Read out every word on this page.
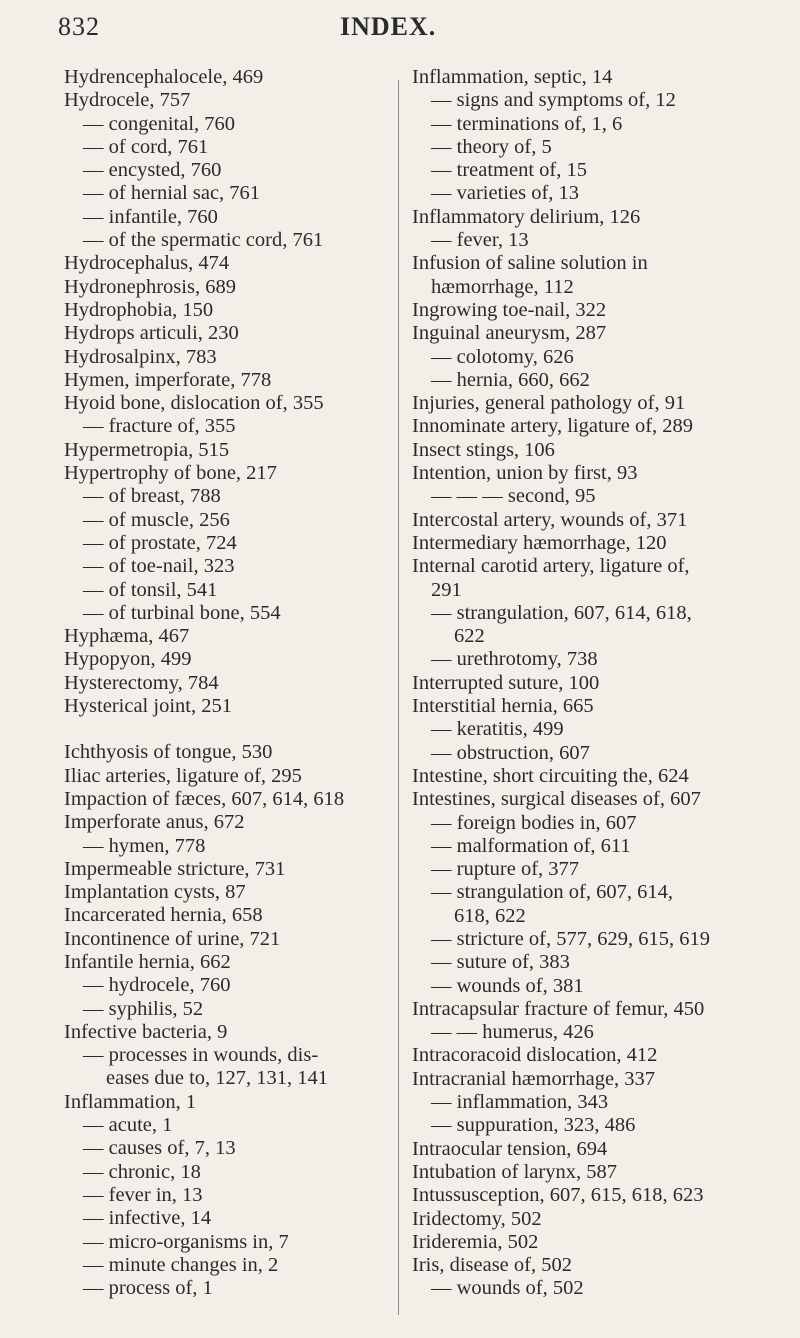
832	INDEX.
Hydrencephalocele, 469
Hydrocele, 757
— congenital, 760
— of cord, 761
— encysted, 760
— of hernial sac, 761
— infantile, 760
— of the spermatic cord, 761
Hydrocephalus, 474
Hydronephrosis, 689
Hydrophobia, 150
Hydrops articuli, 230
Hydrosalpinx, 783
Hymen, imperforate, 778
Hyoid bone, dislocation of, 355
— fracture of, 355
Hypermetropia, 515
Hypertrophy of bone, 217
— of breast, 788
— of muscle, 256
— of prostate, 724
— of toe-nail, 323
— of tonsil, 541
— of turbinal bone, 554
Hyphæma, 467
Hypopyon, 499
Hysterectomy, 784
Hysterical joint, 251
Ichthyosis of tongue, 530
Iliac arteries, ligature of, 295
Impaction of fæces, 607, 614, 618
Imperforate anus, 672
— hymen, 778
Impermeable stricture, 731
Implantation cysts, 87
Incarcerated hernia, 658
Incontinence of urine, 721
Infantile hernia, 662
— hydrocele, 760
— syphilis, 52
Infective bacteria, 9
— processes in wounds, dis-
eases due to, 127, 131, 141
Inflammation, 1
— acute, 1
— causes of, 7, 13
— chronic, 18
— fever in, 13
— infective, 14
— micro-organisms in, 7
— minute changes in, 2
— process of, 1
Inflammation, septic, 14
— signs and symptoms of, 12
— terminations of, 1, 6
— theory of, 5
— treatment of, 15
— varieties of, 13
Inflammatory delirium, 126
— fever, 13
Infusion of saline solution in
hæmorrhage, 112
Ingrowing toe-nail, 322
Inguinal aneurysm, 287
— colotomy, 626
— hernia, 660, 662
Injuries, general pathology of, 91
Innominate artery, ligature of, 289
Insect stings, 106
Intention, union by first, 93
— — — second, 95
Intercostal artery, wounds of, 371
Intermediary hæmorrhage, 120
Internal carotid artery, ligature of,
291
— strangulation, 607, 614, 618,
622
— urethrotomy, 738
Interrupted suture, 100
Interstitial hernia, 665
— keratitis, 499
— obstruction, 607
Intestine, short circuiting the, 624
Intestines, surgical diseases of, 607
— foreign bodies in, 607
— malformation of, 611
— rupture of, 377
— strangulation of, 607, 614,
618, 622
— stricture of, 577, 629, 615, 619
— suture of, 383
— wounds of, 381
Intracapsular fracture of femur, 450
— — humerus, 426
Intracoracoid dislocation, 412
Intracranial hæmorrhage, 337
— inflammation, 343
— suppuration, 323, 486
Intraocular tension, 694
Intubation of larynx, 587
Intussusception, 607, 615, 618, 623
Iridectomy, 502
Irideremia, 502
Iris, disease of, 502
— wounds of, 502
